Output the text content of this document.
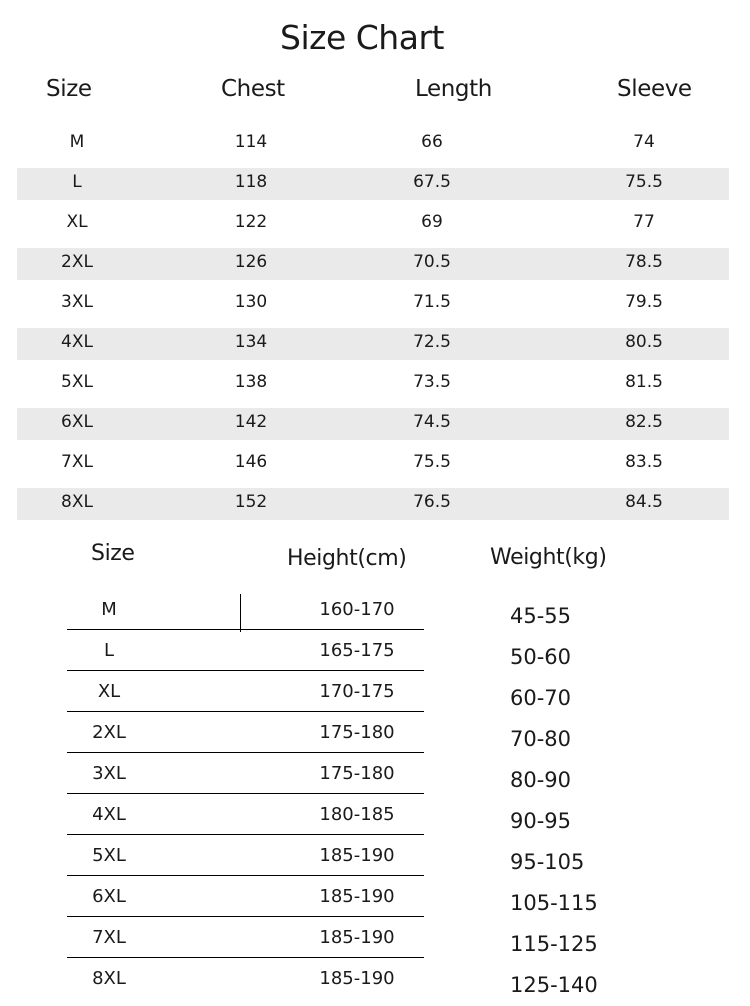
Size Chart
Size	Chest	Length	Sleeve
M	114	66	74
L	118	67.5	75.5
XL	122	69	77
2XL	126	70.5	78.5
3XL	130	71.5	79.5
4XL	134	72.5	80.5
5XL	138	73.5	81.5
6XL	142	74.5	82.5
7XL	146	75.5	83.5
8XL	152	76.5	84.5
Size	Height(cm)	Weight(kg)
M	160-170	45-55
L	165-175	50-60
XL	170-175	60-70
2XL	175-180	70-80
3XL	175-180	80-90
4XL	180-185	90-95
5XL	185-190	95-105
6XL	185-190	105-115
7XL	185-190	115-125
8XL	185-190	125-140
